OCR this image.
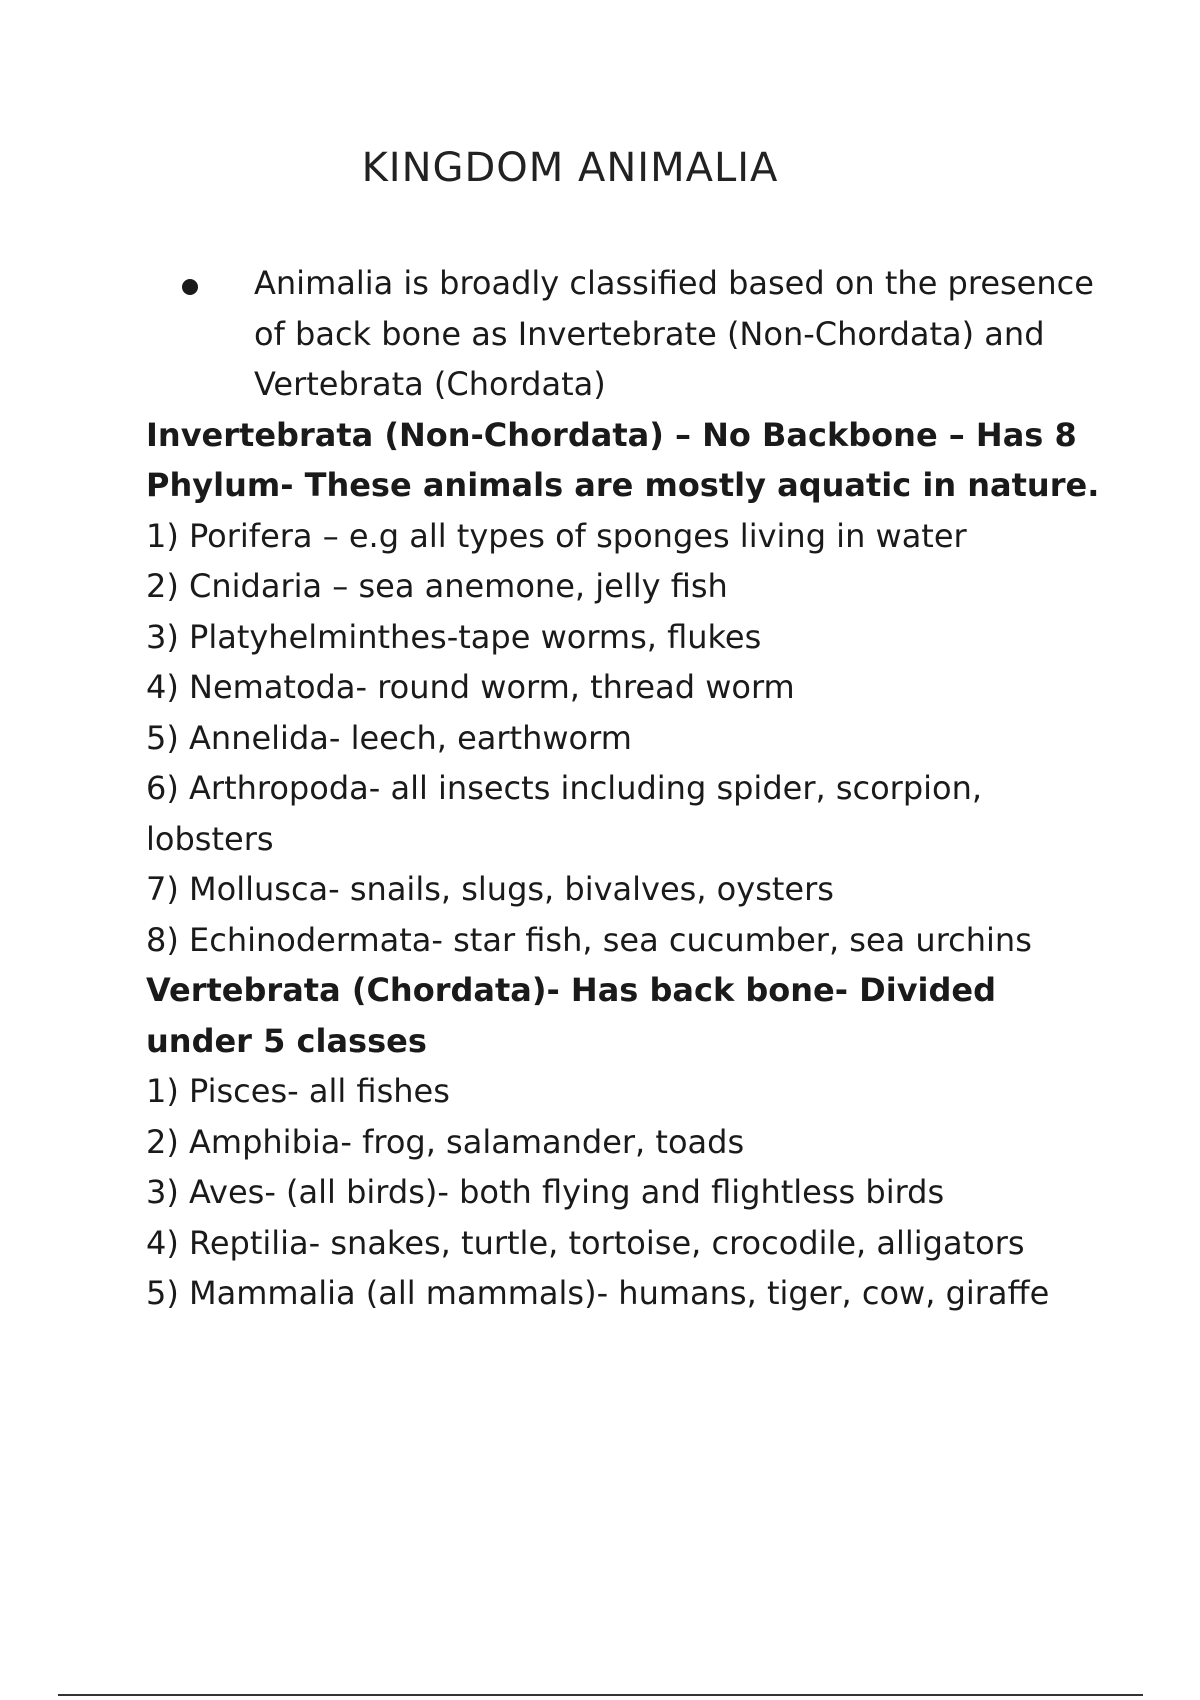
KINGDOM ANIMALIA
Animalia is broadly classified based on the presence of back bone as Invertebrate (Non-Chordata) and Vertebrata (Chordata)
Invertebrata (Non-Chordata) – No Backbone – Has 8 Phylum- These animals are mostly aquatic in nature.
1) Porifera – e.g all types of sponges living in water
2) Cnidaria – sea anemone, jelly fish
3) Platyhelminthes-tape worms, flukes
4) Nematoda- round worm, thread worm
5) Annelida- leech, earthworm
6) Arthropoda- all insects including spider, scorpion, lobsters
7) Mollusca- snails, slugs, bivalves, oysters
8) Echinodermata- star fish, sea cucumber, sea urchins
Vertebrata (Chordata)- Has back bone- Divided under 5 classes
1) Pisces- all fishes
2) Amphibia- frog, salamander, toads
3) Aves- (all birds)- both flying and flightless birds
4) Reptilia- snakes, turtle, tortoise, crocodile, alligators
5) Mammalia (all mammals)- humans, tiger, cow, giraffe
